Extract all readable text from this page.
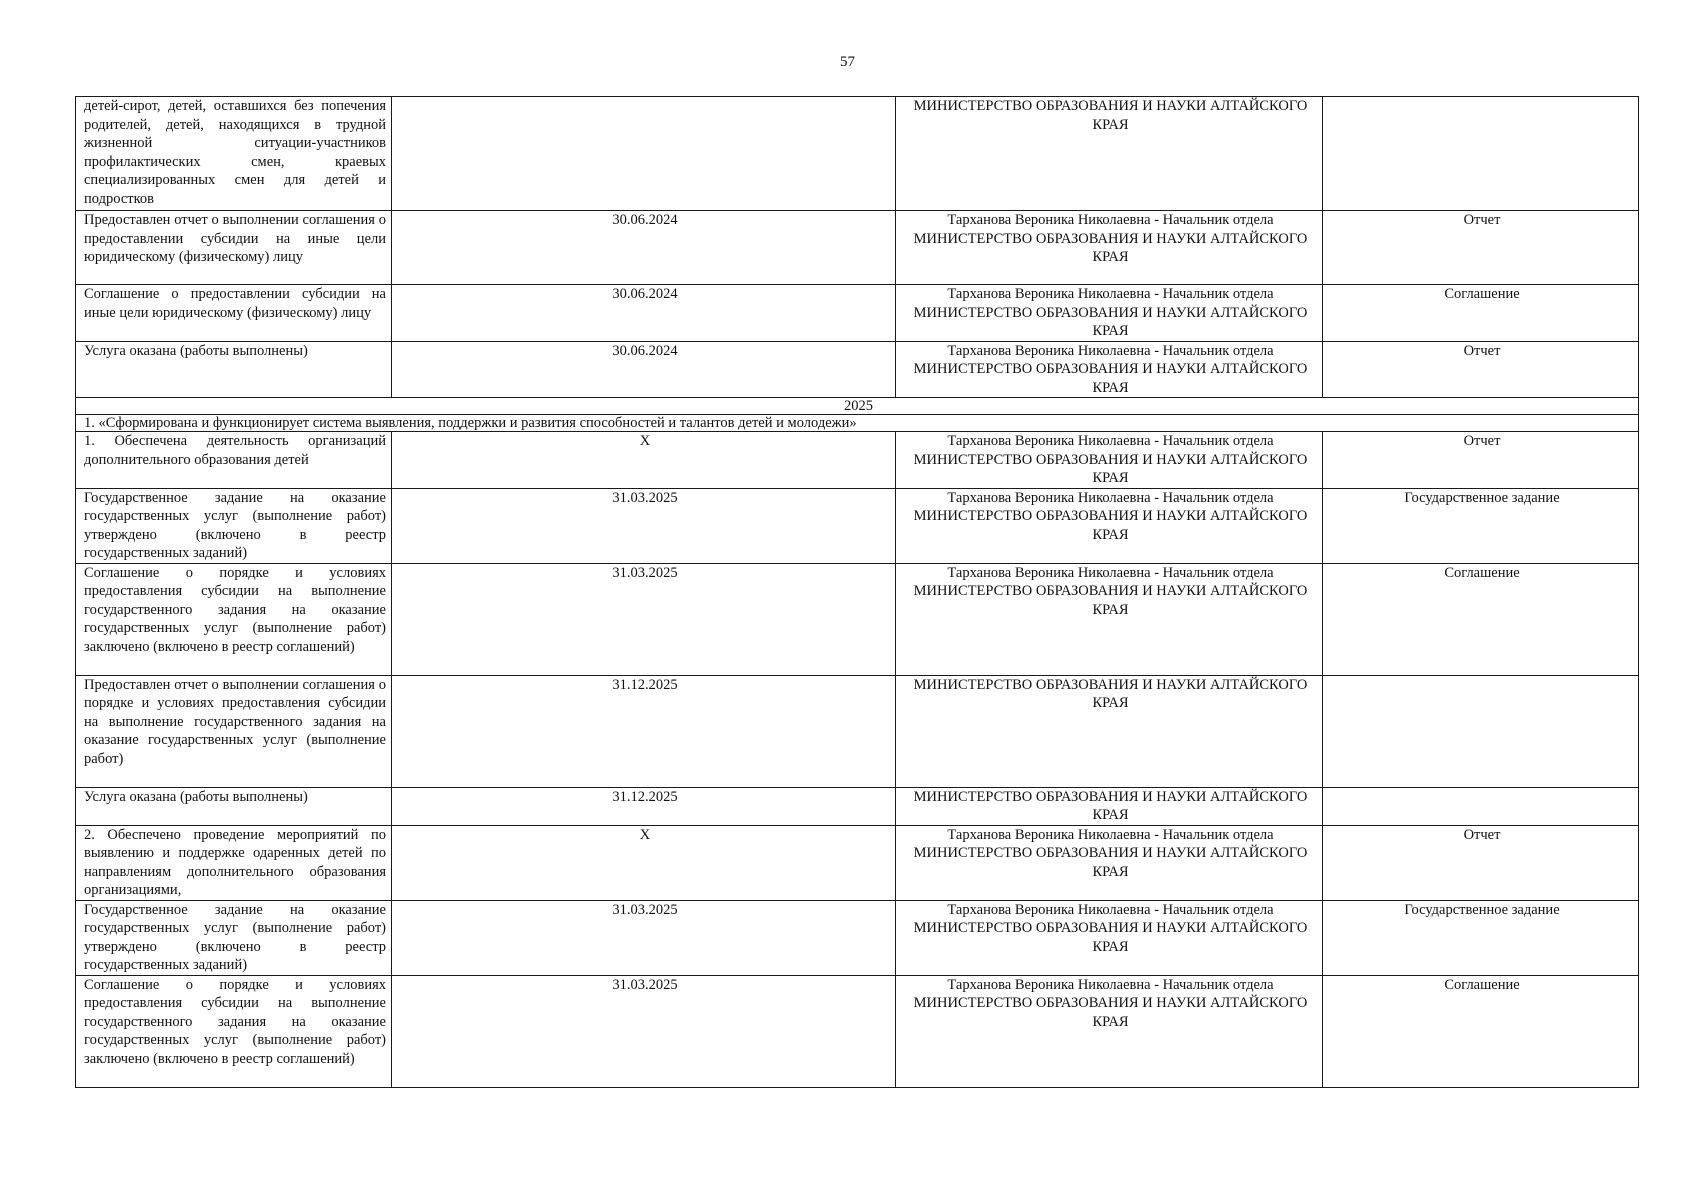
57
детей-сирот, детей, оставшихся без попечения родителей, детей, находящихся в трудной жизненной ситуации-участников профилактических смен, краевых специализированных смен для детей и подростков		МИНИСТЕРСТВО ОБРАЗОВАНИЯ И НАУКИ АЛТАЙСКОГО КРАЯ	
Предоставлен отчет о выполнении соглашения о предоставлении субсидии на иные цели юридическому (физическому) лицу	30.06.2024	Тарханова Вероника Николаевна - Начальник отдела МИНИСТЕРСТВО ОБРАЗОВАНИЯ И НАУКИ АЛТАЙСКОГО КРАЯ	Отчет
Соглашение о предоставлении субсидии на иные цели юридическому (физическому) лицу	30.06.2024	Тарханова Вероника Николаевна - Начальник отдела МИНИСТЕРСТВО ОБРАЗОВАНИЯ И НАУКИ АЛТАЙСКОГО КРАЯ	Соглашение
Услуга оказана (работы выполнены)	30.06.2024	Тарханова Вероника Николаевна - Начальник отдела МИНИСТЕРСТВО ОБРАЗОВАНИЯ И НАУКИ АЛТАЙСКОГО КРАЯ	Отчет
2025			
1. «Сформирована и функционирует система выявления, поддержки и развития способностей и талантов детей и молодежи»			
1. Обеспечена деятельность организаций дополнительного образования детей	X	Тарханова Вероника Николаевна - Начальник отдела МИНИСТЕРСТВО ОБРАЗОВАНИЯ И НАУКИ АЛТАЙСКОГО КРАЯ	Отчет
Государственное задание на оказание государственных услуг (выполнение работ) утверждено (включено в реестр государственных заданий)	31.03.2025	Тарханова Вероника Николаевна - Начальник отдела МИНИСТЕРСТВО ОБРАЗОВАНИЯ И НАУКИ АЛТАЙСКОГО КРАЯ	Государственное задание
Соглашение о порядке и условиях предоставления субсидии на выполнение государственного задания на оказание государственных услуг (выполнение работ) заключено (включено в реестр соглашений)	31.03.2025	Тарханова Вероника Николаевна - Начальник отдела МИНИСТЕРСТВО ОБРАЗОВАНИЯ И НАУКИ АЛТАЙСКОГО КРАЯ	Соглашение
Предоставлен отчет о выполнении соглашения о порядке и условиях предоставления субсидии на выполнение государственного задания на оказание государственных услуг (выполнение работ)	31.12.2025	МИНИСТЕРСТВО ОБРАЗОВАНИЯ И НАУКИ АЛТАЙСКОГО КРАЯ	
Услуга оказана (работы выполнены)	31.12.2025	МИНИСТЕРСТВО ОБРАЗОВАНИЯ И НАУКИ АЛТАЙСКОГО КРАЯ	
2. Обеспечено проведение мероприятий по выявлению и поддержке одаренных детей по направлениям дополнительного образования организациями,	X	Тарханова Вероника Николаевна - Начальник отдела МИНИСТЕРСТВО ОБРАЗОВАНИЯ И НАУКИ АЛТАЙСКОГО КРАЯ	Отчет
Государственное задание на оказание государственных услуг (выполнение работ) утверждено (включено в реестр государственных заданий)	31.03.2025	Тарханова Вероника Николаевна - Начальник отдела МИНИСТЕРСТВО ОБРАЗОВАНИЯ И НАУКИ АЛТАЙСКОГО КРАЯ	Государственное задание
Соглашение о порядке и условиях предоставления субсидии на выполнение государственного задания на оказание государственных услуг (выполнение работ) заключено (включено в реестр соглашений)	31.03.2025	Тарханова Вероника Николаевна - Начальник отдела МИНИСТЕРСТВО ОБРАЗОВАНИЯ И НАУКИ АЛТАЙСКОГО КРАЯ	Соглашение
